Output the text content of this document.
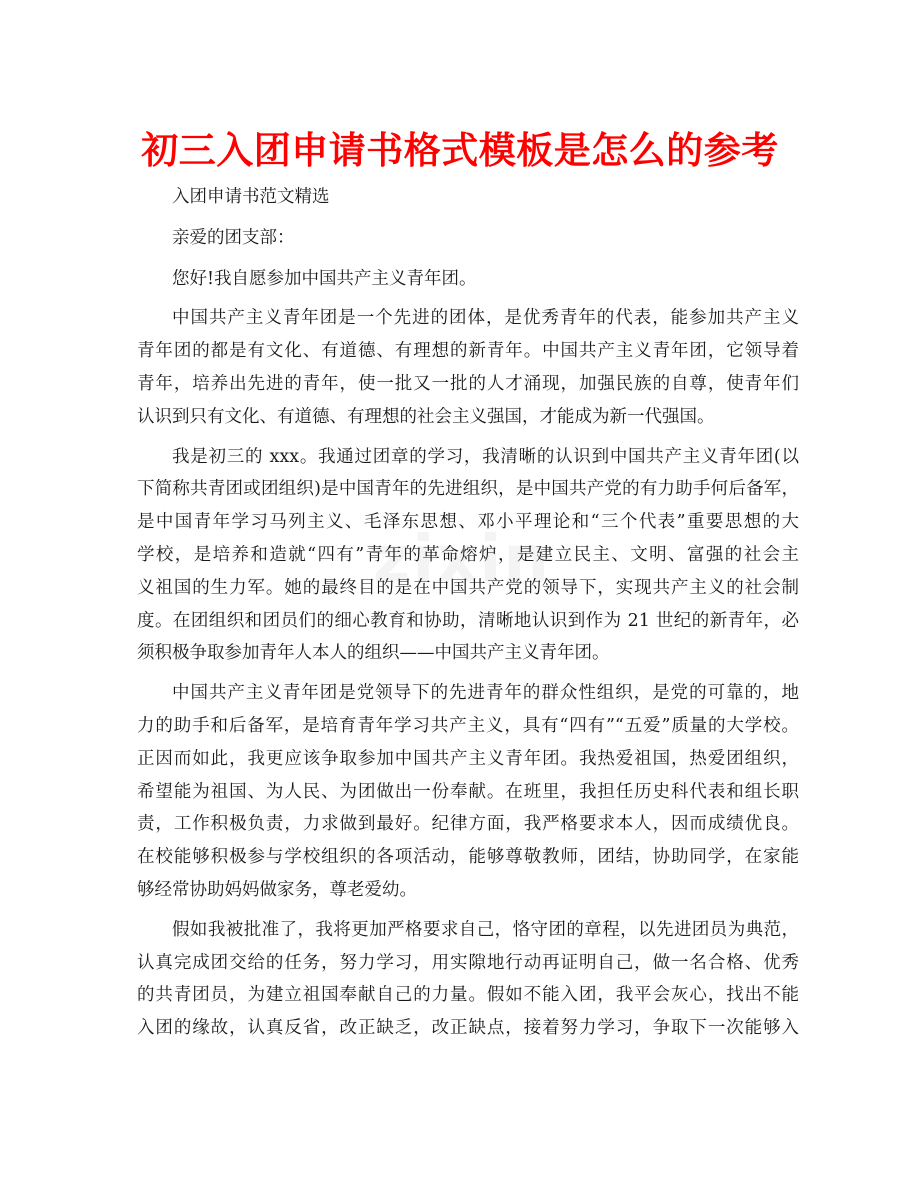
初三入团申请书格式模板是怎么的参考
入团申请书范文精选
亲爱的团支部：
您好!我自愿参加中国共产主义青年团。
中国共产主义青年团是一个先进的团体，是优秀青年的代表，能参加共产主义
青年团的都是有文化、有道德、有理想的新青年。中国共产主义青年团，它领导着
青年，培养出先进的青年，使一批又一批的人才涌现，加强民族的自尊，使青年们
认识到只有文化、有道德、有理想的社会主义强国，才能成为新一代强国。
我是初三的 xxx。我通过团章的学习，我清晰的认识到中国共产主义青年团(以
下简称共青团或团组织)是中国青年的先进组织，是中国共产党的有力助手何后备军，
是中国青年学习马列主义、毛泽东思想、邓小平理论和“三个代表”重要思想的大
学校，是培养和造就“四有”青年的革命熔炉，是建立民主、文明、富强的社会主
义祖国的生力军。她的最终目的是在中国共产党的领导下，实现共产主义的社会制
度。在团组织和团员们的细心教育和协助，清晰地认识到作为 21 世纪的新青年，必
须积极争取参加青年人本人的组织——中国共产主义青年团。
中国共产主义青年团是党领导下的先进青年的群众性组织，是党的可靠的，地
力的助手和后备军，是培育青年学习共产主义，具有“四有”“五爱”质量的大学校。
正因而如此，我更应该争取参加中国共产主义青年团。我热爱祖国，热爱团组织，
希望能为祖国、为人民、为团做出一份奉献。在班里，我担任历史科代表和组长职
责，工作积极负责，力求做到最好。纪律方面，我严格要求本人，因而成绩优良。
在校能够积极参与学校组织的各项活动，能够尊敬教师，团结，协助同学，在家能
够经常协助妈妈做家务，尊老爱幼。
假如我被批准了，我将更加严格要求自己，恪守团的章程，以先进团员为典范，
认真完成团交给的任务，努力学习，用实隙地行动再证明自己，做一名合格、优秀
的共青团员，为建立祖国奉献自己的力量。假如不能入团，我平会灰心，找出不能
入团的缘故，认真反省，改正缺乏，改正缺点，接着努力学习，争取下一次能够入
